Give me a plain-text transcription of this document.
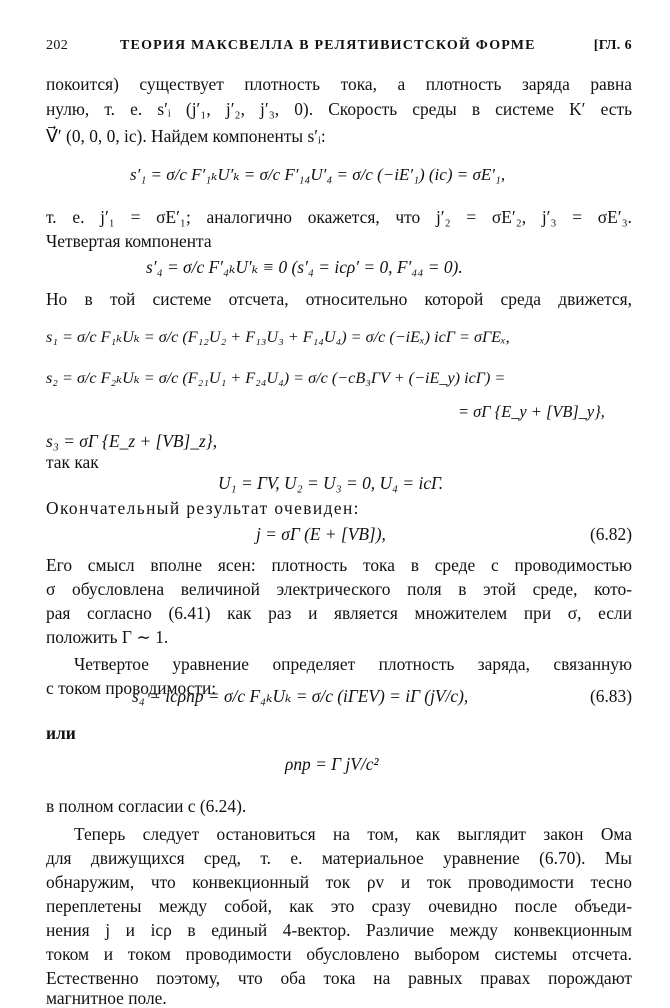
202	ТЕОРИЯ МАКСВЕЛЛА В РЕЛЯТИВИСТСКОЙ ФОРМЕ	[ГЛ. 6
покоится) существует плотность тока, а плотность заряда равна
нулю, т. е. s′ᵢ (j′₁, j′₂, j′₃, 0). Скорость среды в системе K′ есть
V⃗′ (0, 0, 0, ic). Найдем компоненты s′ᵢ:
s′₁ = σ/c F′₁ₖU′ₖ = σ/c F′₁₄U′₄ = σ/c (−iE′₁) (ic) = σE′₁,
т. е. j′₁ = σE′₁; аналогично окажется, что j′₂ = σE′₂, j′₃ = σE′₃.
Четвертая компонента
s′₄ = σ/c F′₄ₖU′ₖ ≡ 0 (s′₄ = icρ′ = 0, F′₄₄ = 0).
Но в той системе отсчета, относительно которой среда движется,
s₁ = σ/c F₁ₖUₖ = σ/c (F₁₂U₂ + F₁₃U₃ + F₁₄U₄) = σ/c (−iEₓ) icΓ = σΓEₓ,
s₂ = σ/c F₂ₖUₖ = σ/c (F₂₁U₁ + F₂₄U₄) = σ/c (−cB₃ΓV + (−iE_y) icΓ) =
= σΓ {E_y + [VB]_y},
s₃ = σΓ {E_z + [VB]_z},
так как
U₁ = ΓV, U₂ = U₃ = 0, U₄ = icΓ.
Окончательный результат очевиден:
j = σΓ (E + [VB]),	(6.82)
Его смысл вполне ясен: плотность тока в среде с проводимостью
σ обусловлена величиной электрического поля в этой среде, кото-
рая согласно (6.41) как раз и является множителем при σ, если
положить Γ ∼ 1.
Четвертое уравнение определяет плотность заряда, связанную
с током проводимости:
s₄ = icρпр = σ/c F₄ₖUₖ = σ/c (iΓEV) = iΓ (jV/c),	(6.83)
или
ρпр = Γ jV/c²
в полном согласии с (6.24).
Теперь следует остановиться на том, как выглядит закон Ома
для движущихся сред, т. е. материальное уравнение (6.70). Мы
обнаружим, что конвекционный ток ρv и ток проводимости тесно
переплетены между собой, как это сразу очевидно после объеди-
нения j и icρ в единый 4-вектор. Различие между конвекционным
током и током проводимости обусловлено выбором системы отсчета.
Естественно поэтому, что оба тока на равных правах порождают
магнитное поле.
